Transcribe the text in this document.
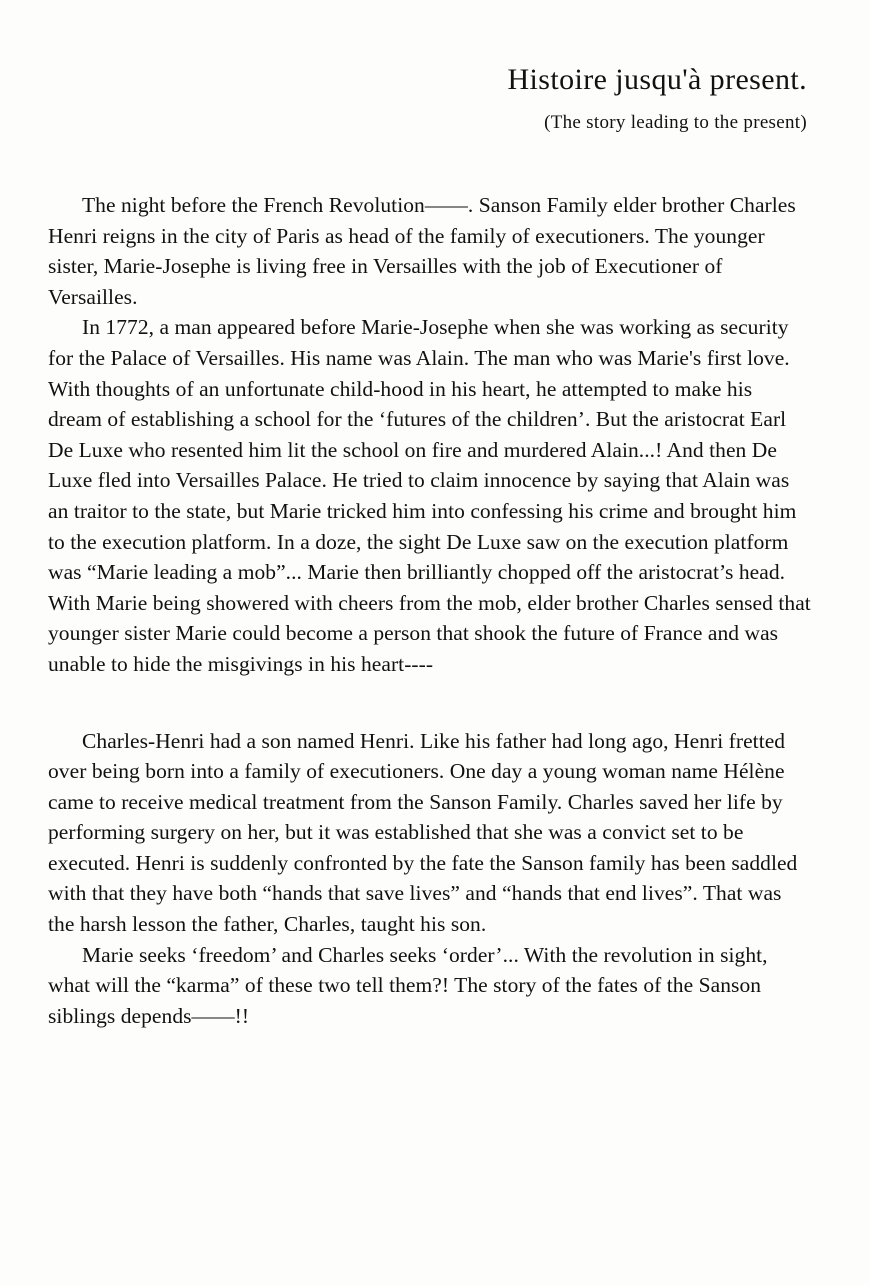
Histoire jusqu'à present.

(The story leading to the present)

The night before the French Revolution——. Sanson Family elder brother Charles Henri reigns in the city of Paris as head of the family of executioners. The younger sister, Marie-Josephe is living free in Versailles with the job of Executioner of Versailles.

In 1772, a man appeared before Marie-Josephe when she was working as security for the Palace of Versailles. His name was Alain. The man who was Marie's first love. With thoughts of an unfortunate child-hood in his heart, he attempted to make his dream of establishing a school for the ‘futures of the children’. But the aristocrat Earl De Luxe who resented him lit the school on fire and murdered Alain...! And then De Luxe fled into Versailles Palace. He tried to claim innocence by saying that Alain was an traitor to the state, but Marie tricked him into confessing his crime and brought him to the execution platform. In a doze, the sight De Luxe saw on the execution platform was “Marie leading a mob”... Marie then brilliantly chopped off the aristocrat’s head. With Marie being showered with cheers from the mob, elder brother Charles sensed that younger sister Marie could become a person that shook the future of France and was unable to hide the misgivings in his heart----

Charles-Henri had a son named Henri. Like his father had long ago, Henri fretted over being born into a family of executioners. One day a young woman name Hélène came to receive medical treatment from the Sanson Family. Charles saved her life by performing surgery on her, but it was established that she was a convict set to be executed. Henri is suddenly confronted by the fate the Sanson family has been saddled with that they have both “hands that save lives” and “hands that end lives”. That was the harsh lesson the father, Charles, taught his son.

Marie seeks ‘freedom’ and Charles seeks ‘order’... With the revolution in sight, what will the “karma” of these two tell them?! The story of the fates of the Sanson siblings depends——!!
